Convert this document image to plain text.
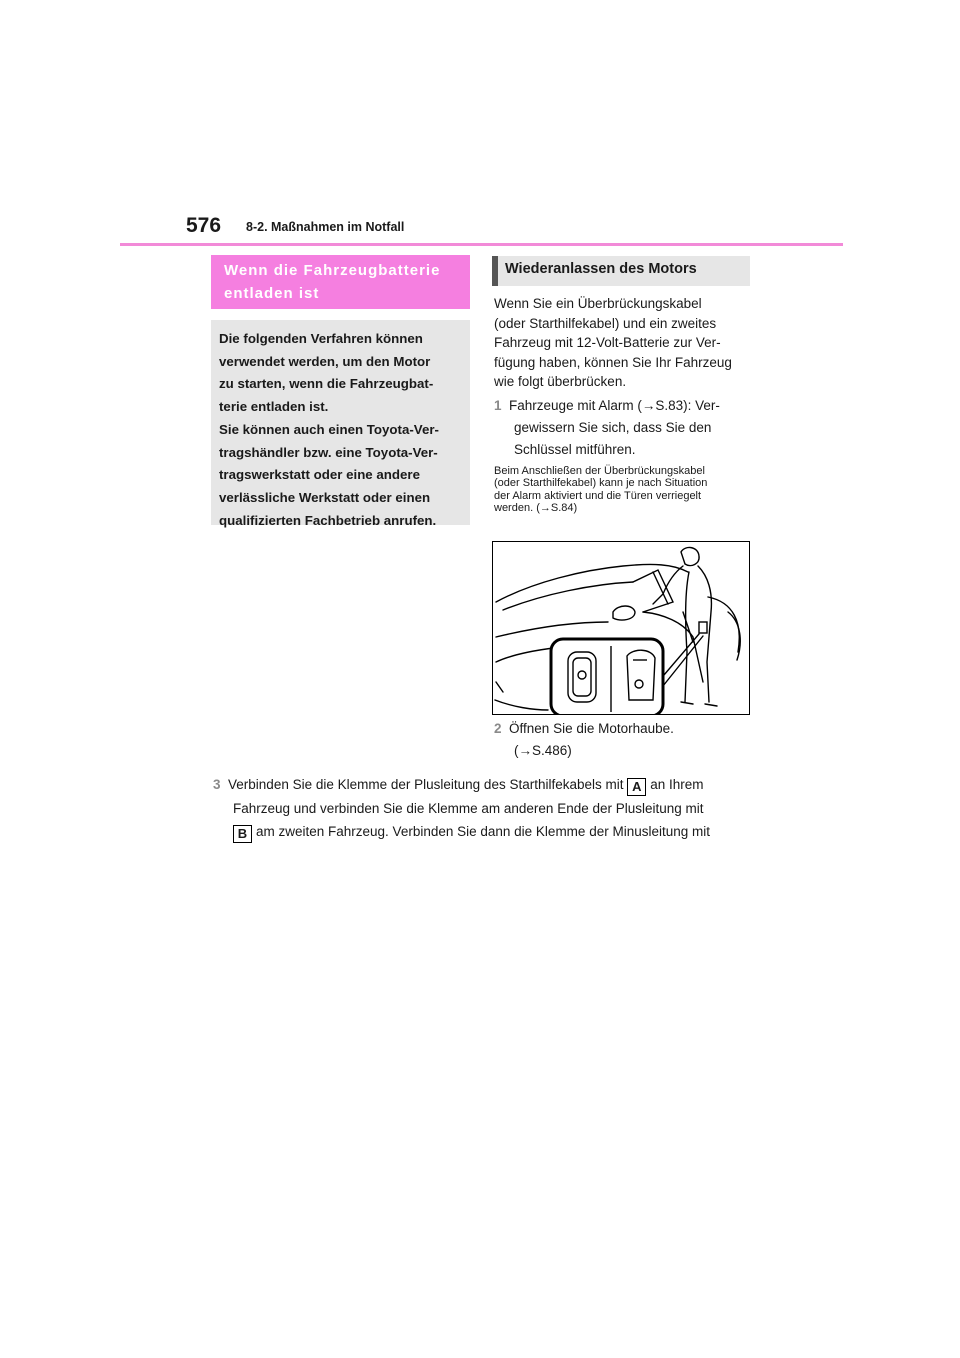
576 8-2. Maßnahmen im Notfall
Wenn die Fahrzeugbatterie
entladen ist
Die folgenden Verfahren können
verwendet werden, um den Motor
zu starten, wenn die Fahrzeugbat-
terie entladen ist.
Sie können auch einen Toyota-Ver-
tragshändler bzw. eine Toyota-Ver-
tragswerkstatt oder eine andere
verlässliche Werkstatt oder einen
qualifizierten Fachbetrieb anrufen.
Wiederanlassen des Motors
Wenn Sie ein Überbrückungskabel
(oder Starthilfekabel) und ein zweites
Fahrzeug mit 12-Volt-Batterie zur Ver-
fügung haben, können Sie Ihr Fahrzeug
wie folgt überbrücken.
1 Fahrzeuge mit Alarm (→S.83): Ver-
gewissern Sie sich, dass Sie den
Schlüssel mitführen.
Beim Anschließen der Überbrückungskabel
(oder Starthilfekabel) kann je nach Situation
der Alarm aktiviert und die Türen verriegelt
werden. (→S.84)
2 Öffnen Sie die Motorhaube.
(→S.486)
3 Verbinden Sie die Klemme der Plusleitung des Starthilfekabels mit A an Ihrem
Fahrzeug und verbinden Sie die Klemme am anderen Ende der Plusleitung mit
B am zweiten Fahrzeug. Verbinden Sie dann die Klemme der Minusleitung mit
